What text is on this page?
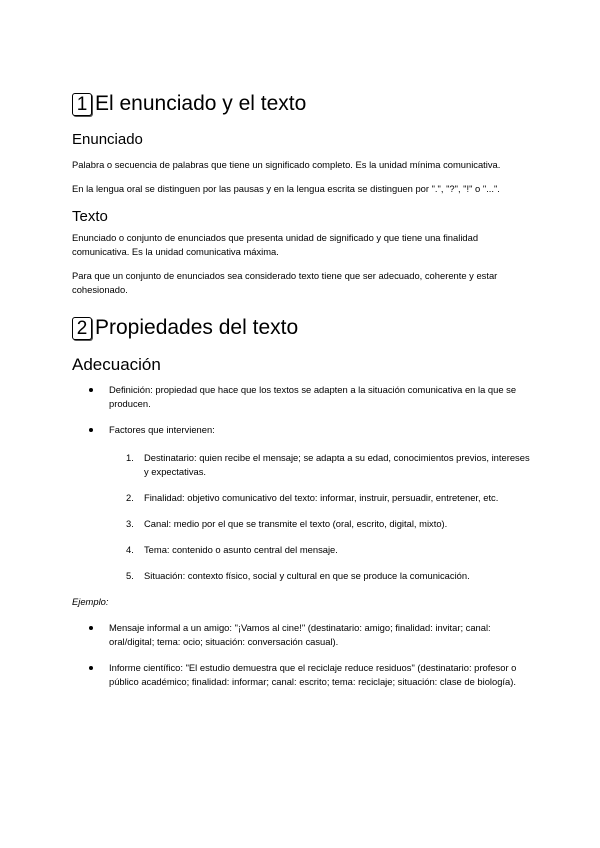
1 El enunciado y el texto
Enunciado

Palabra o secuencia de palabras que tiene un significado completo. Es la unidad mínima comunicativa.

En la lengua oral se distinguen por las pausas y en la lengua escrita se distinguen por ".", "?", "!" o "...".

Texto

Enunciado o conjunto de enunciados que presenta unidad de significado y que tiene una finalidad comunicativa. Es la unidad comunicativa máxima.

Para que un conjunto de enunciados sea considerado texto tiene que ser adecuado, coherente y estar cohesionado.

2 Propiedades del texto
Adecuación
Definición: propiedad que hace que los textos se adapten a la situación comunicativa en la que se producen.
Factores que intervienen:
1. Destinatario: quien recibe el mensaje; se adapta a su edad, conocimientos previos, intereses y expectativas.
2. Finalidad: objetivo comunicativo del texto: informar, instruir, persuadir, entretener, etc.
3. Canal: medio por el que se transmite el texto (oral, escrito, digital, mixto).
4. Tema: contenido o asunto central del mensaje.
5. Situación: contexto físico, social y cultural en que se produce la comunicación.

Ejemplo:

Mensaje informal a un amigo: "¡Vamos al cine!" (destinatario: amigo; finalidad: invitar; canal: oral/digital; tema: ocio; situación: conversación casual).
Informe científico: "El estudio demuestra que el reciclaje reduce residuos" (destinatario: profesor o público académico; finalidad: informar; canal: escrito; tema: reciclaje; situación: clase de biología).
